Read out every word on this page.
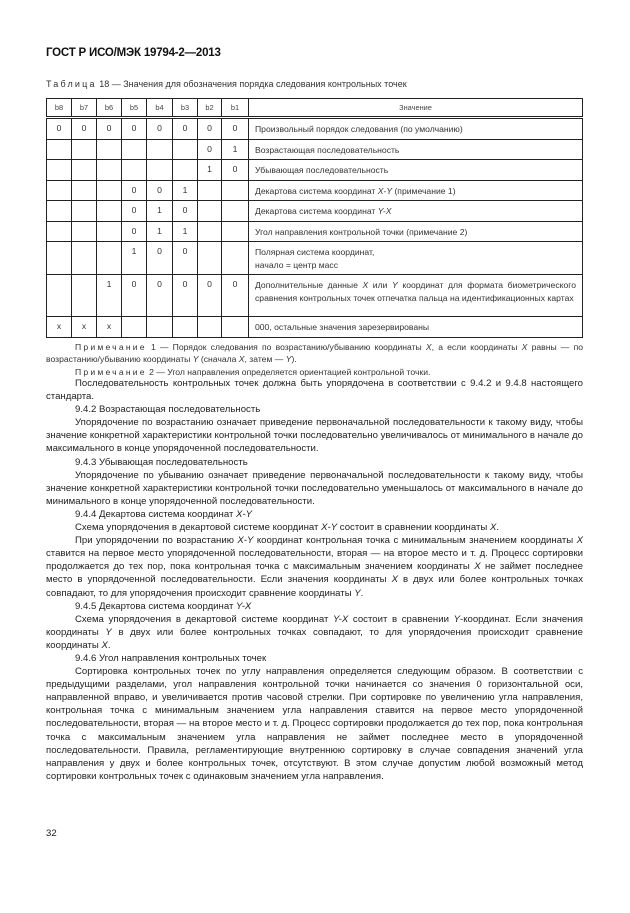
ГОСТ Р ИСО/МЭК 19794-2—2013
Таблица 18 — Значения для обозначения порядка следования контрольных точек
b8	b7	b6	b5	b4	b3	b2	b1	Значение
0	0	0	0	0	0	0	0	Произвольный порядок следования (по умолчанию)
						0	1	Возрастающая последовательность
						1	0	Убывающая последовательность
			0	0	1			Декартова система координат X-Y (примечание 1)
			0	1	0			Декартова система координат Y-X
			0	1	1			Угол направления контрольной точки (примечание 2)
			1	0	0			Полярная система координат,
начало = центр масс

		1	0	0	0	0	0	Дополнительные данные X или Y координат для формата биометрического сравнения контрольных точек отпечатка пальца на идентификационных картах
x	x	x						000, остальные значения зарезервированы

Примечание 1 — Порядок следования по возрастанию/убыванию координаты X, а если координаты X равны — по возрастанию/убыванию координаты Y (сначала X, затем — Y).

Примечание 2 — Угол направления определяется ориентацией контрольной точки.

Последовательность контрольных точек должна быть упорядочена в соответствии с 9.4.2 и 9.4.8 настоящего стандарта.

9.4.2 Возрастающая последовательность

Упорядочение по возрастанию означает приведение первоначальной последовательности к такому виду, чтобы значение конкретной характеристики контрольной точки последовательно увеличивалось от минимального в начале до максимального в конце упорядоченной последовательности.

9.4.3 Убывающая последовательность

Упорядочение по убыванию означает приведение первоначальной последовательности к такому виду, чтобы значение конкретной характеристики контрольной точки последовательно уменьшалось от максимального в начале до минимального в конце упорядоченной последовательности.

9.4.4 Декартова система координат X-Y

Схема упорядочения в декартовой системе координат X-Y состоит в сравнении координаты X.

При упорядочении по возрастанию X-Y координат контрольная точка с минимальным значением координаты X ставится на первое место упорядоченной последовательности, вторая — на второе место и т. д. Процесс сортировки продолжается до тех пор, пока контрольная точка с максимальным значением координаты X не займет последнее место в упорядоченной последовательности. Если значения координаты X в двух или более контрольных точках совпадают, то для упорядочения происходит сравнение координаты Y.

9.4.5 Декартова система координат Y-X

Схема упорядочения в декартовой системе координат Y-X состоит в сравнении Y-координат. Если значения координаты Y в двух или более контрольных точках совпадают, то для упорядочения происходит сравнение координаты X.

9.4.6 Угол направления контрольных точек

Сортировка контрольных точек по углу направления определяется следующим образом. В соответствии с предыдущими разделами, угол направления контрольной точки начинается со значения 0 горизонтальной оси, направленной вправо, и увеличивается против часовой стрелки. При сортировке по увеличению угла направления, контрольная точка с минимальным значением угла направления ставится на первое место упорядоченной последовательности, вторая — на второе место и т. д. Процесс сортировки продолжается до тех пор, пока контрольная точка с максимальным значением угла направления не займет последнее место в упорядоченной последовательности. Правила, регламентирующие внутреннюю сортировку в случае совпадения значений угла направления у двух и более контрольных точек, отсутствуют. В этом случае допустим любой возможный метод сортировки контрольных точек с одинаковым значением угла направления.

32
